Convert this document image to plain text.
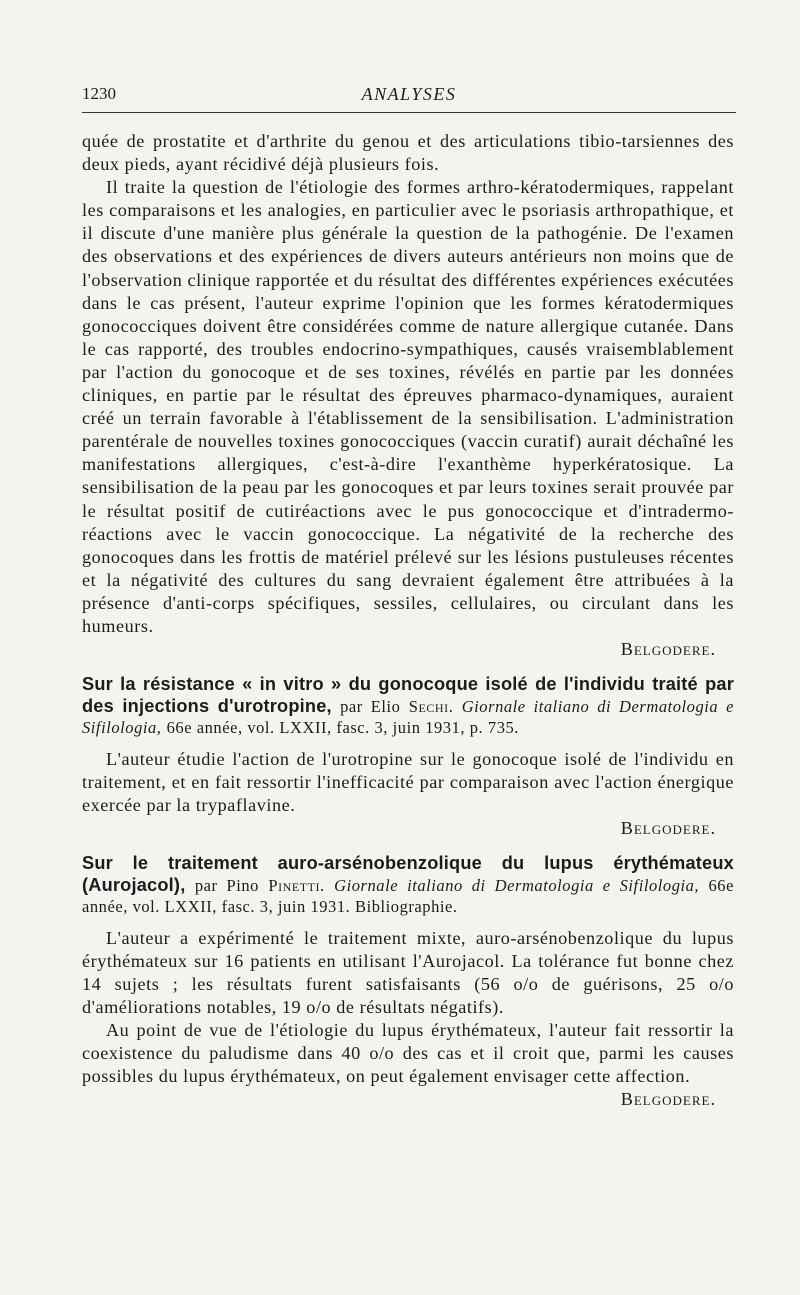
1230	ANALYSES

quée de prostatite et d'arthrite du genou et des articulations tibio-tarsiennes des deux pieds, ayant récidivé déjà plusieurs fois.

Il traite la question de l'étiologie des formes arthro-kératodermiques, rappelant les comparaisons et les analogies, en particulier avec le psoriasis arthropathique, et il discute d'une manière plus générale la question de la pathogénie. De l'examen des observations et des expériences de divers auteurs antérieurs non moins que de l'observation clinique rapportée et du résultat des différentes expériences exécutées dans le cas présent, l'auteur exprime l'opinion que les formes kératodermiques gonococciques doivent être considérées comme de nature allergique cutanée. Dans le cas rapporté, des troubles endocrino-sympathiques, causés vraisemblablement par l'action du gonocoque et de ses toxines, révélés en partie par les données cliniques, en partie par le résultat des épreuves pharmaco-dynamiques, auraient créé un terrain favorable à l'établissement de la sensibilisation. L'administration parentérale de nouvelles toxines gonococciques (vaccin curatif) aurait déchaîné les manifestations allergiques, c'est-à-dire l'exanthème hyperkératosique. La sensibilisation de la peau par les gonocoques et par leurs toxines serait prouvée par le résultat positif de cutiréactions avec le pus gonococcique et d'intradermo-réactions avec le vaccin gonococcique. La négativité de la recherche des gonocoques dans les frottis de matériel prélevé sur les lésions pustuleuses récentes et la négativité des cultures du sang devraient également être attribuées à la présence d'anti-corps spécifiques, sessiles, cellulaires, ou circulant dans les humeurs.

Belgodere.

Sur la résistance « in vitro » du gonocoque isolé de l'individu traité par des injections d'urotropine, par Elio Sechi. Giornale italiano di Dermatologia e Sifilologia, 66e année, vol. LXXII, fasc. 3, juin 1931, p. 735.

L'auteur étudie l'action de l'urotropine sur le gonocoque isolé de l'individu en traitement, et en fait ressortir l'inefficacité par comparaison avec l'action énergique exercée par la trypaflavine.

Belgodere.

Sur le traitement auro-arsénobenzolique du lupus érythémateux (Aurojacol), par Pino Pinetti. Giornale italiano di Dermatologia e Sifilologia, 66e année, vol. LXXII, fasc. 3, juin 1931. Bibliographie.

L'auteur a expérimenté le traitement mixte, auro-arsénobenzolique du lupus érythémateux sur 16 patients en utilisant l'Aurojacol. La tolérance fut bonne chez 14 sujets ; les résultats furent satisfaisants (56 o/o de guérisons, 25 o/o d'améliorations notables, 19 o/o de résultats négatifs).

Au point de vue de l'étiologie du lupus érythémateux, l'auteur fait ressortir la coexistence du paludisme dans 40 o/o des cas et il croit que, parmi les causes possibles du lupus érythémateux, on peut également envisager cette affection.

Belgodere.
